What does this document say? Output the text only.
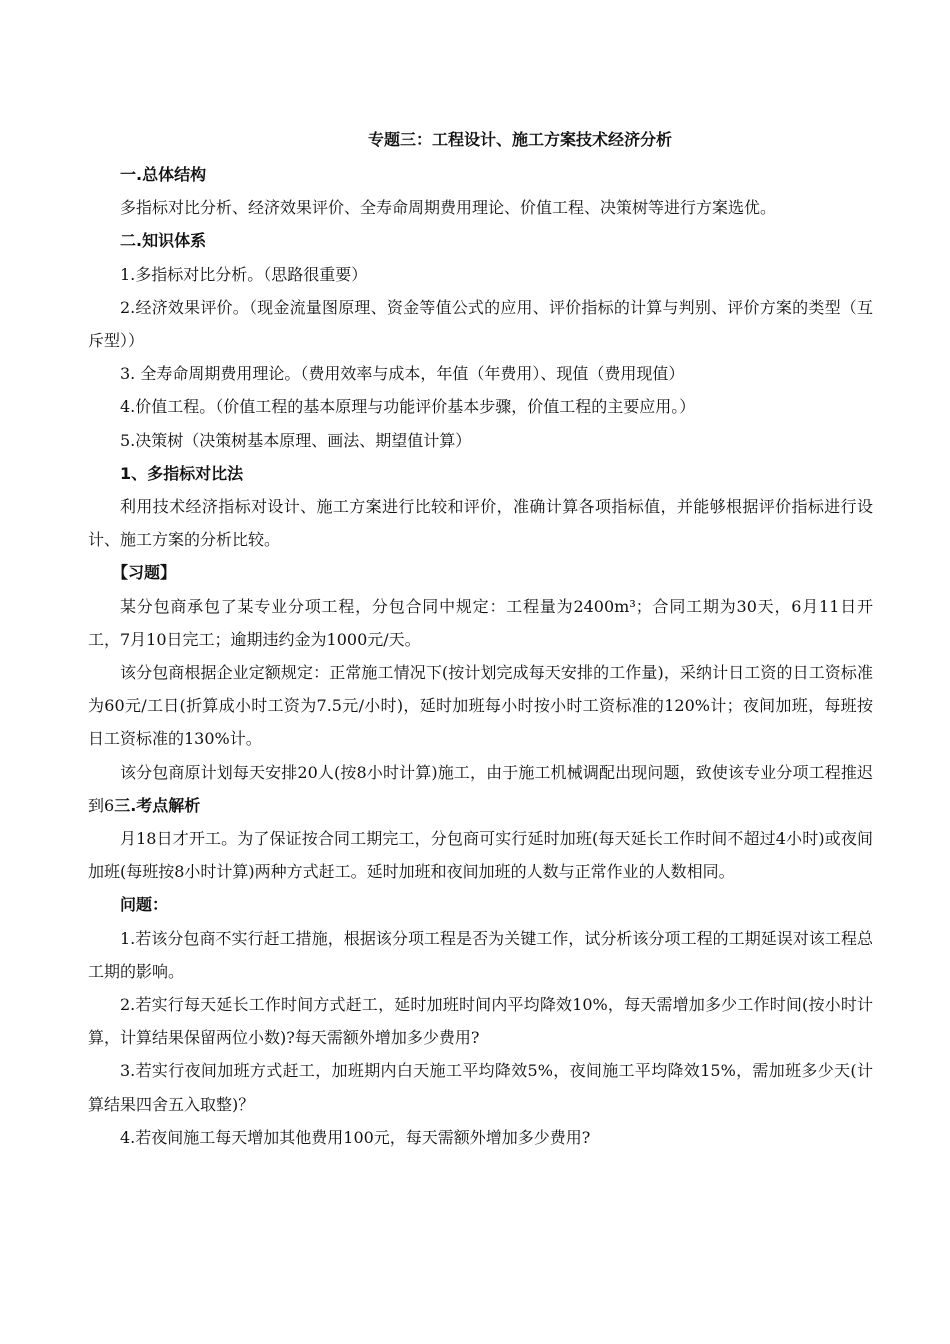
专题三：工程设计、施工方案技术经济分析

一.总体结构

多指标对比分析、经济效果评价、全寿命周期费用理论、价值工程、决策树等进行方案选优。

二.知识体系

1.多指标对比分析。（思路很重要）

2.经济效果评价。（现金流量图原理、资金等值公式的应用、评价指标的计算与判别、评价方案的类型（互斥型））

3. 全寿命周期费用理论。（费用效率与成本，年值（年费用）、现值（费用现值）

4.价值工程。（价值工程的基本原理与功能评价基本步骤，价值工程的主要应用。）

5.决策树（决策树基本原理、画法、期望值计算）

1、多指标对比法

利用技术经济指标对设计、施工方案进行比较和评价，准确计算各项指标值，并能够根据评价指标进行设计、施工方案的分析比较。

【习题】

某分包商承包了某专业分项工程，分包合同中规定：工程量为2400m³；合同工期为30天，6月11日开工，7月10日完工；逾期违约金为1000元/天。

该分包商根据企业定额规定：正常施工情况下(按计划完成每天安排的工作量)，采纳计日工资的日工资标准为60元/工日(折算成小时工资为7.5元/小时)，延时加班每小时按小时工资标准的120%计；夜间加班，每班按日工资标准的130%计。

该分包商原计划每天安排20人(按8小时计算)施工，由于施工机械调配出现问题，致使该专业分项工程推迟到6三.考点解析

月18日才开工。为了保证按合同工期完工，分包商可实行延时加班(每天延长工作时间不超过4小时)或夜间加班(每班按8小时计算)两种方式赶工。延时加班和夜间加班的人数与正常作业的人数相同。

问题：

1.若该分包商不实行赶工措施，根据该分项工程是否为关键工作，试分析该分项工程的工期延误对该工程总工期的影响。

2.若实行每天延长工作时间方式赶工，延时加班时间内平均降效10%，每天需增加多少工作时间(按小时计算，计算结果保留两位小数)?每天需额外增加多少费用?

3.若实行夜间加班方式赶工，加班期内白天施工平均降效5%，夜间施工平均降效15%，需加班多少天(计算结果四舍五入取整)？

4.若夜间施工每天增加其他费用100元，每天需额外增加多少费用?
